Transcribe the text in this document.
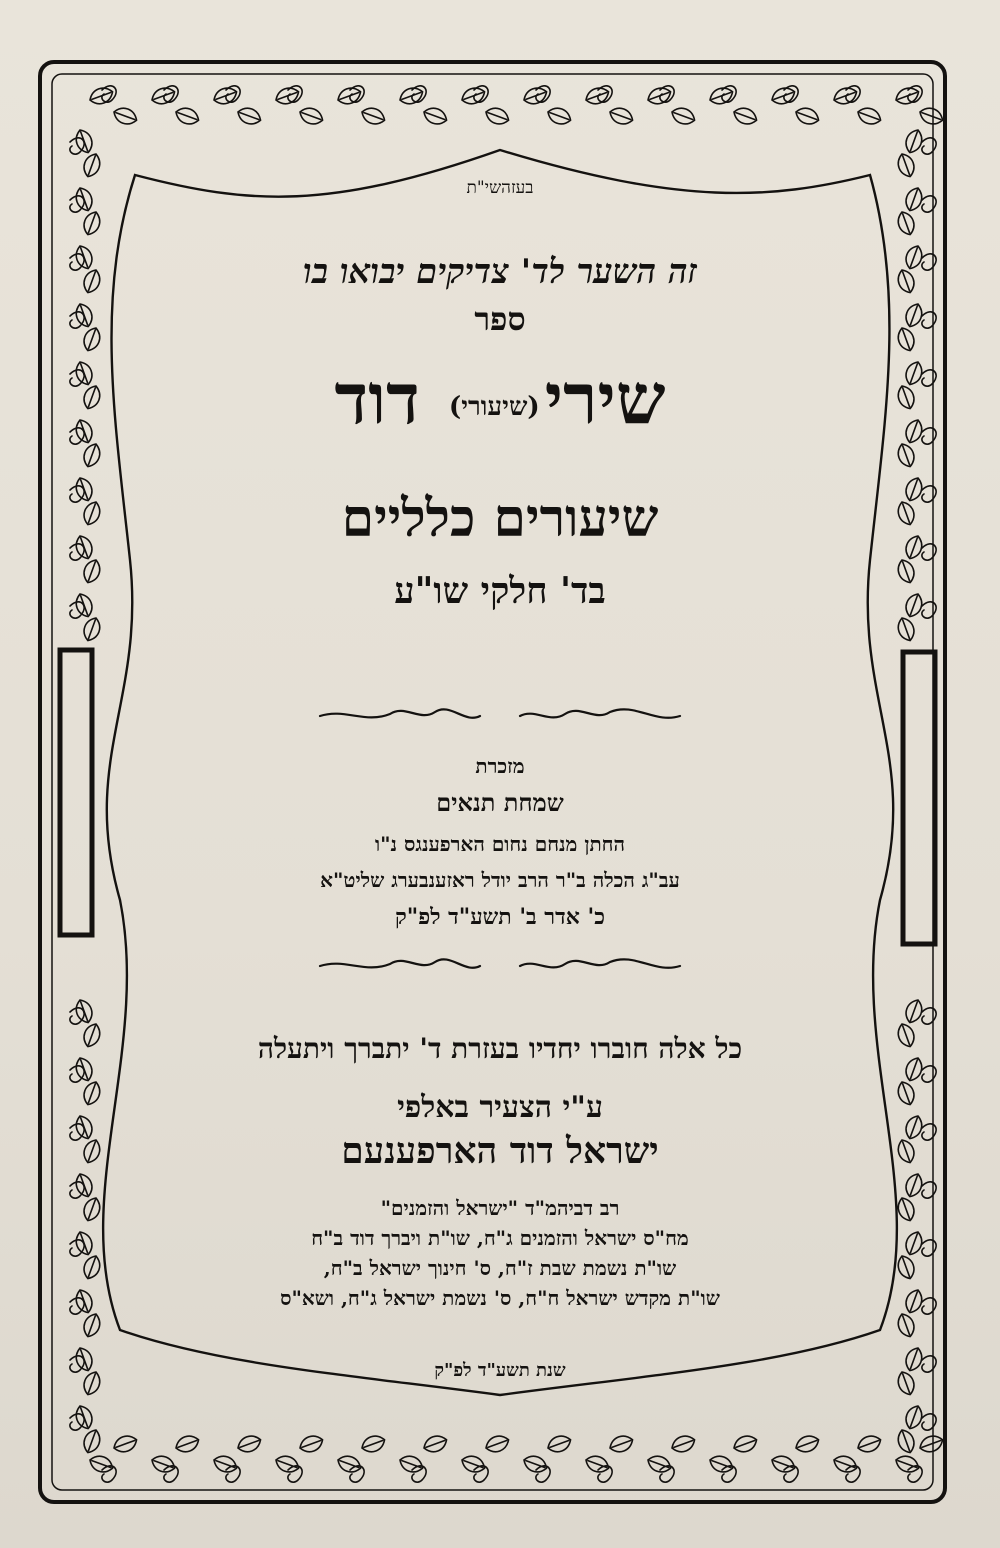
בעזהשי"ת
זה השער לד' צדיקים יבואו בו
ספר
שירי (שיעורי) דוד
שיעורים כלליים
בד' חלקי שו"ע
מזכרת
שמחת תנאים
החתן מנחם נחום הארפענגס נ"ו
עב"ג הכלה ב"ר הרב יודל ראזענבערג שליט"א
כ' אדר ב' תשע"ד לפ"ק
כל אלה חוברו יחדיו בעזרת ד' יתברך ויתעלה
ע"י הצעיר באלפי
ישראל דוד הארפענעם
רב דביהמ"ד "ישראל והזמנים"
מח"ס ישראל והזמנים ג"ח, שו"ת ויברך דוד ב"ח
שו"ת נשמת שבת ז"ח, ס' חינוך ישראל ב"ח,
שו"ת מקדש ישראל ח"ח, ס' נשמת ישראל ג"ח, ושא"ס
שנת תשע"ד לפ"ק
